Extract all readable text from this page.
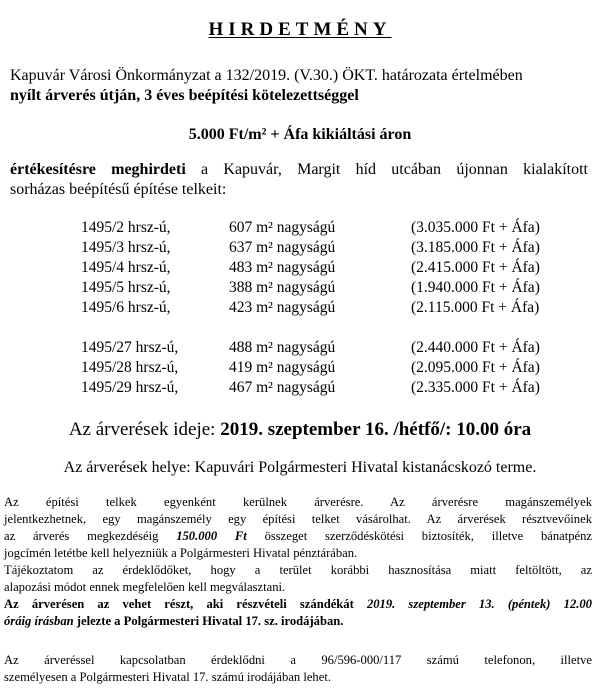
HIRDETMÉNY
Kapuvár Városi Önkormányzat a 132/2019. (V.30.) ÖKT. határozata értelmében
nyílt árverés útján, 3 éves beépítési kötelezettséggel
5.000 Ft/m² + Áfa kikiáltási áron
értékesítésre meghirdeti a Kapuvár, Margit híd utcában újonnan kialakított
sorházas beépítésű építése telkeit:
1495/2 hrsz-ú,	607 m² nagyságú	(3.035.000 Ft + Áfa)
1495/3 hrsz-ú,	637 m² nagyságú	(3.185.000 Ft + Áfa)
1495/4 hrsz-ú,	483 m² nagyságú	(2.415.000 Ft + Áfa)
1495/5 hrsz-ú,	388 m² nagyságú	(1.940.000 Ft + Áfa)
1495/6 hrsz-ú,	423 m² nagyságú	(2.115.000 Ft + Áfa)
1495/27 hrsz-ú,	488 m² nagyságú	(2.440.000 Ft + Áfa)
1495/28 hrsz-ú,	419 m² nagyságú	(2.095.000 Ft + Áfa)
1495/29 hrsz-ú,	467 m² nagyságú	(2.335.000 Ft + Áfa)
Az árverések ideje: 2019. szeptember 16. /hétfő/: 10.00 óra
Az árverések helye: Kapuvári Polgármesteri Hivatal kistanácskozó terme.
Az építési telkek egyenként kerülnek árverésre. Az árverésre magánszemélyek
jelentkezhetnek, egy magánszemély egy építési telket vásárolhat. Az árverések résztvevőinek
az árverés megkezdéséig 150.000 Ft összeget szerződéskötési biztosíték, illetve bánatpénz
jogcímén letétbe kell helyezniük a Polgármesteri Hivatal pénztárában.
Tájékoztatom az érdeklődőket, hogy a terület korábbi hasznosítása miatt feltöltött, az
alapozási módot ennek megfelelően kell megválasztani.
Az árverésen az vehet részt, aki részvételi szándékát 2019. szeptember 13. (péntek) 12.00
óráig írásban jelezte a Polgármesteri Hivatal 17. sz. irodájában.
Az árveréssel kapcsolatban érdeklődni a 96/596-000/117 számú telefonon, illetve
személyesen a Polgármesteri Hivatal 17. számú irodájában lehet.
